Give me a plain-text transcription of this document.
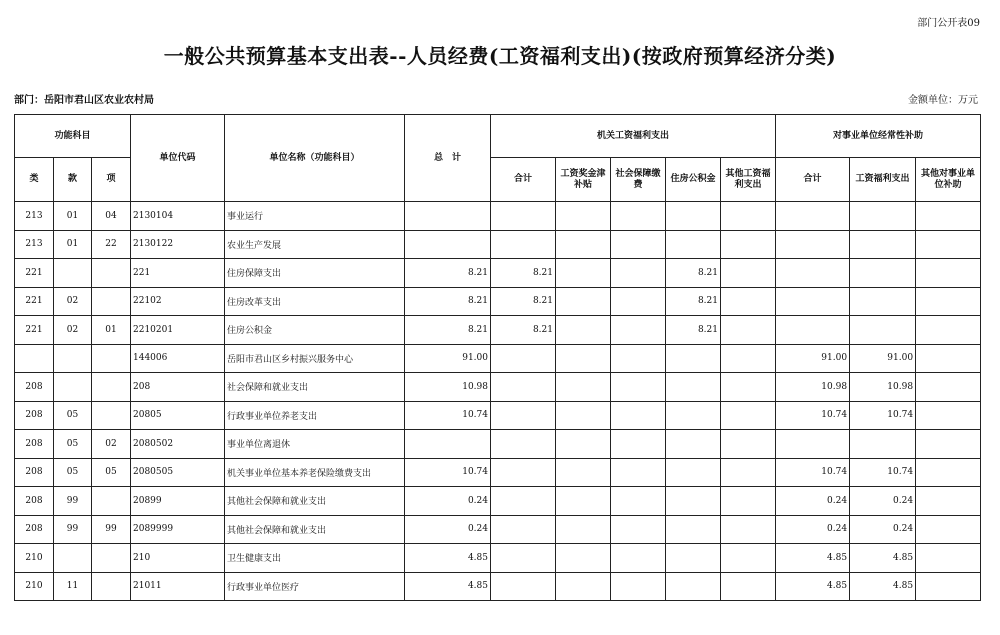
部门公开表09
一般公共预算基本支出表--人员经费(工资福利支出)(按政府预算经济分类)
部门：岳阳市君山区农业农村局	金额单位：万元
功能科目			单位代码	单位名称（功能科目）	总　计	机关工资福利支出					对事业单位经常性补助		
类	款	项				合计	工资奖金津补贴	社会保障缴费	住房公积金	其他工资福利支出	合计	工资福利支出	其他对事业单位补助
213	01	04	2130104	事业运行									
213	01	22	2130122	农业生产发展									
221			221	住房保障支出	8.21	8.21			8.21				
221	02		22102	住房改革支出	8.21	8.21			8.21				
221	02	01	2210201	住房公积金	8.21	8.21			8.21				
			144006	岳阳市君山区乡村振兴服务中心	91.00						91.00	91.00	
208			208	社会保障和就业支出	10.98						10.98	10.98	
208	05		20805	行政事业单位养老支出	10.74						10.74	10.74	
208	05	02	2080502	事业单位离退休									
208	05	05	2080505	机关事业单位基本养老保险缴费支出	10.74						10.74	10.74	
208	99		20899	其他社会保障和就业支出	0.24						0.24	0.24	
208	99	99	2089999	其他社会保障和就业支出	0.24						0.24	0.24	
210			210	卫生健康支出	4.85						4.85	4.85	
210	11		21011	行政事业单位医疗	4.85						4.85	4.85	
